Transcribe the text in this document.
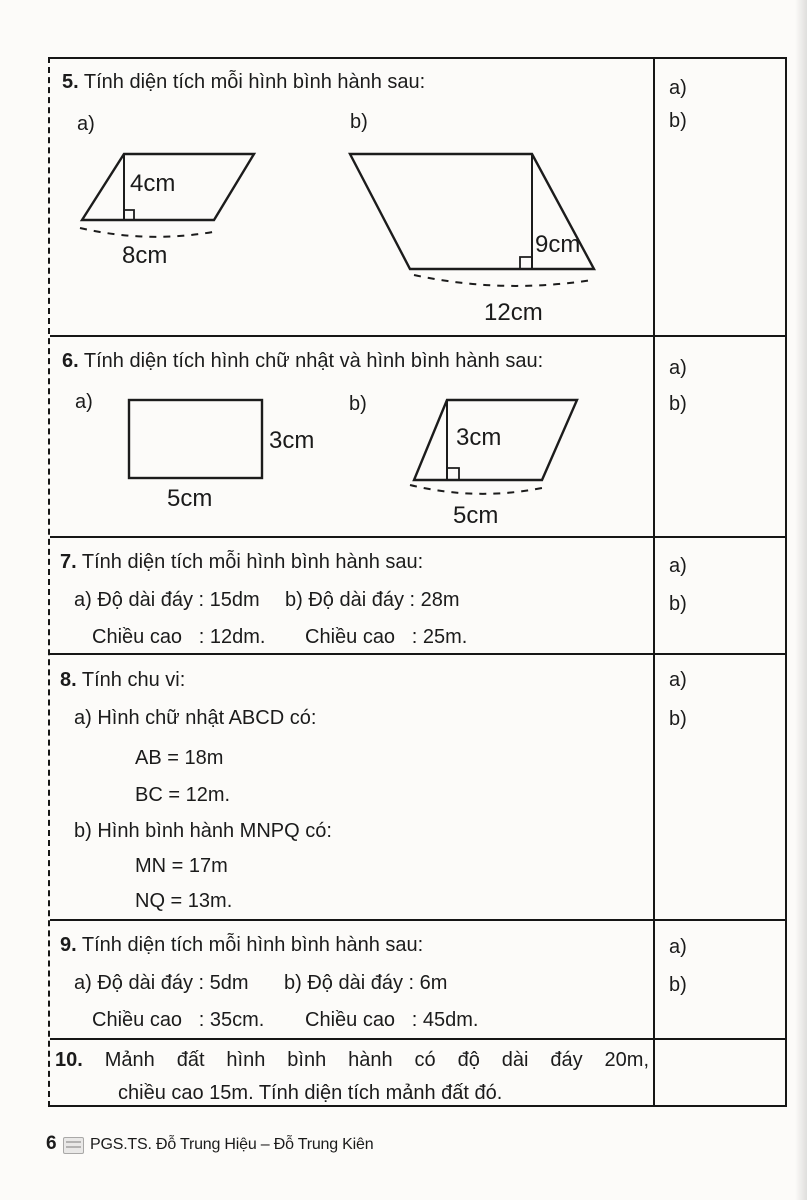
5. Tính diện tích mỗi hình bình hành sau:
a)	b)
4cm
8cm	9cm
12cm
a)
b)
6. Tính diện tích hình chữ nhật và hình bình hành sau:
a)	b)
3cm
5cm
3cm
5cm
a)
b)
7. Tính diện tích mỗi hình bình hành sau:
a) Độ dài đáy : 15dm
Chiều cao   : 12dm.
b) Độ dài đáy : 28m
Chiều cao   : 25m.
a)
b)
8. Tính chu vi:
a) Hình chữ nhật ABCD có:
AB = 18m
BC = 12m.
b) Hình bình hành MNPQ có:
MN = 17m
NQ = 13m.
a)
b)
9. Tính diện tích mỗi hình bình hành sau:
a) Độ dài đáy : 5dm
Chiều cao   : 35cm.
b) Độ dài đáy : 6m
Chiều cao   : 45dm.
a)
b)
10. Mảnh đất hình bình hành có độ dài đáy 20m,
chiều cao 15m. Tính diện tích mảnh đất đó.
6 PGS.TS. Đỗ Trung Hiệu – Đỗ Trung Kiên
